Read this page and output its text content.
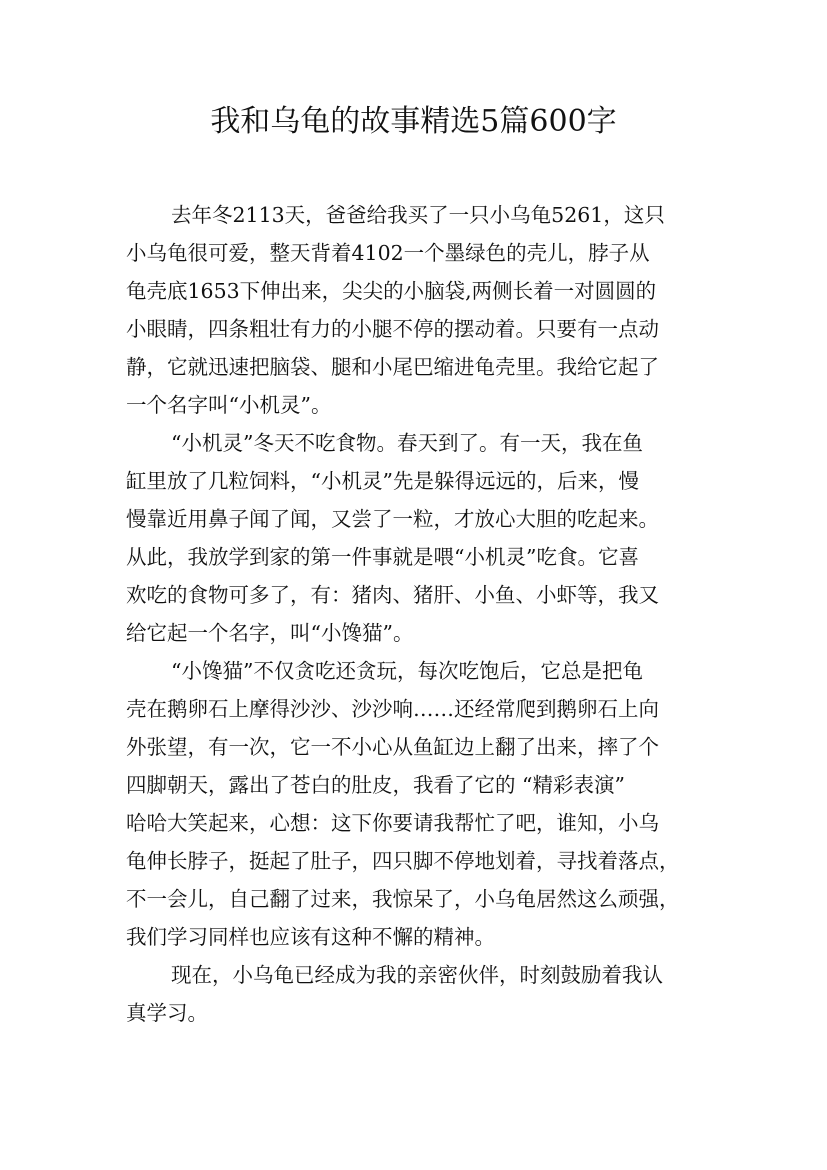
我和乌龟的故事精选5篇600字

去年冬2113天，爸爸给我买了一只小乌龟5261，这只

小乌龟很可爱，整天背着4102一个墨绿色的壳儿，脖子从

龟壳底1653下伸出来，尖尖的小脑袋,两侧长着一对圆圆的

小眼睛，四条粗壮有力的小腿不停的摆动着。只要有一点动

静，它就迅速把脑袋、腿和小尾巴缩进龟壳里。我给它起了

一个名字叫“小机灵”。

“小机灵”冬天不吃食物。春天到了。有一天，我在鱼

缸里放了几粒饲料，“小机灵”先是躲得远远的，后来，慢

慢靠近用鼻子闻了闻，又尝了一粒，才放心大胆的吃起来。

从此，我放学到家的第一件事就是喂“小机灵”吃食。它喜

欢吃的食物可多了，有：猪肉、猪肝、小鱼、小虾等，我又

给它起一个名字，叫“小馋猫”。

“小馋猫”不仅贪吃还贪玩，每次吃饱后，它总是把龟

壳在鹅卵石上摩得沙沙、沙沙响……还经常爬到鹅卵石上向

外张望，有一次，它一不小心从鱼缸边上翻了出来，摔了个

四脚朝天，露出了苍白的肚皮，我看了它的 “精彩表演”

哈哈大笑起来，心想：这下你要请我帮忙了吧，谁知，小乌

龟伸长脖子，挺起了肚子，四只脚不停地划着，寻找着落点，

不一会儿，自己翻了过来，我惊呆了，小乌龟居然这么顽强，

我们学习同样也应该有这种不懈的精神。

现在，小乌龟已经成为我的亲密伙伴，时刻鼓励着我认

真学习。
